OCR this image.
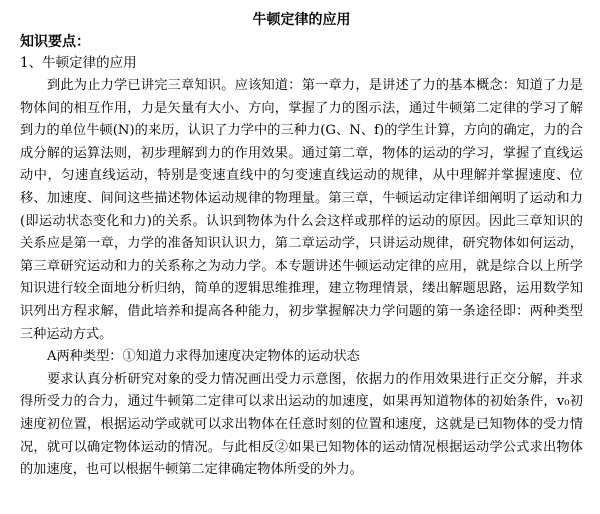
牛顿定律的应用
知识要点：
1、牛顿定律的应用

到此为止力学已讲完三章知识。应该知道：第一章力，是讲述了力的基本概念：知道了力是物体间的相互作用，力是矢量有大小、方向，掌握了力的图示法，通过牛顿第二定律的学习了解到力的单位牛顿(N)的来历，认识了力学中的三种力(G、N、f)的学生计算，方向的确定，力的合成分解的运算法则，初步理解到力的作用效果。通过第二章，物体的运动的学习，掌握了直线运动中，匀速直线运动，特别是变速直线中的匀变速直线运动的规律，从中理解并掌握速度、位移、加速度、间间这些描述物体运动规律的物理量。第三章，牛顿运动定律详细阐明了运动和力(即运动状态变化和力)的关系。认识到物体为什么会这样或那样的运动的原因。因此三章知识的关系应是第一章，力学的准备知识认识力，第二章运动学，只讲运动规律，研究物体如何运动，第三章研究运动和力的关系称之为动力学。本专题讲述牛顿运动定律的应用，就是综合以上所学知识进行较全面地分析归纳，简单的逻辑思维推理，建立物理情景，缕出解题思路，运用数学知识列出方程求解，借此培养和提高各种能力，初步掌握解决力学问题的第一条途径即：两种类型三种运动方式。

A两种类型：①知道力求得加速度决定物体的运动状态

要求认真分析研究对象的受力情况画出受力示意图，依据力的作用效果进行正交分解，并求得所受力的合力，通过牛顿第二定律可以求出运动的加速度，如果再知道物体的初始条件，v₀初速度初位置，根据运动学或就可以求出物体在任意时刻的位置和速度，这就是已知物体的受力情况，就可以确定物体运动的情况。与此相反②如果已知物体的运动情况根据运动学公式求出物体的加速度，也可以根据牛顿第二定律确定物体所受的外力。
